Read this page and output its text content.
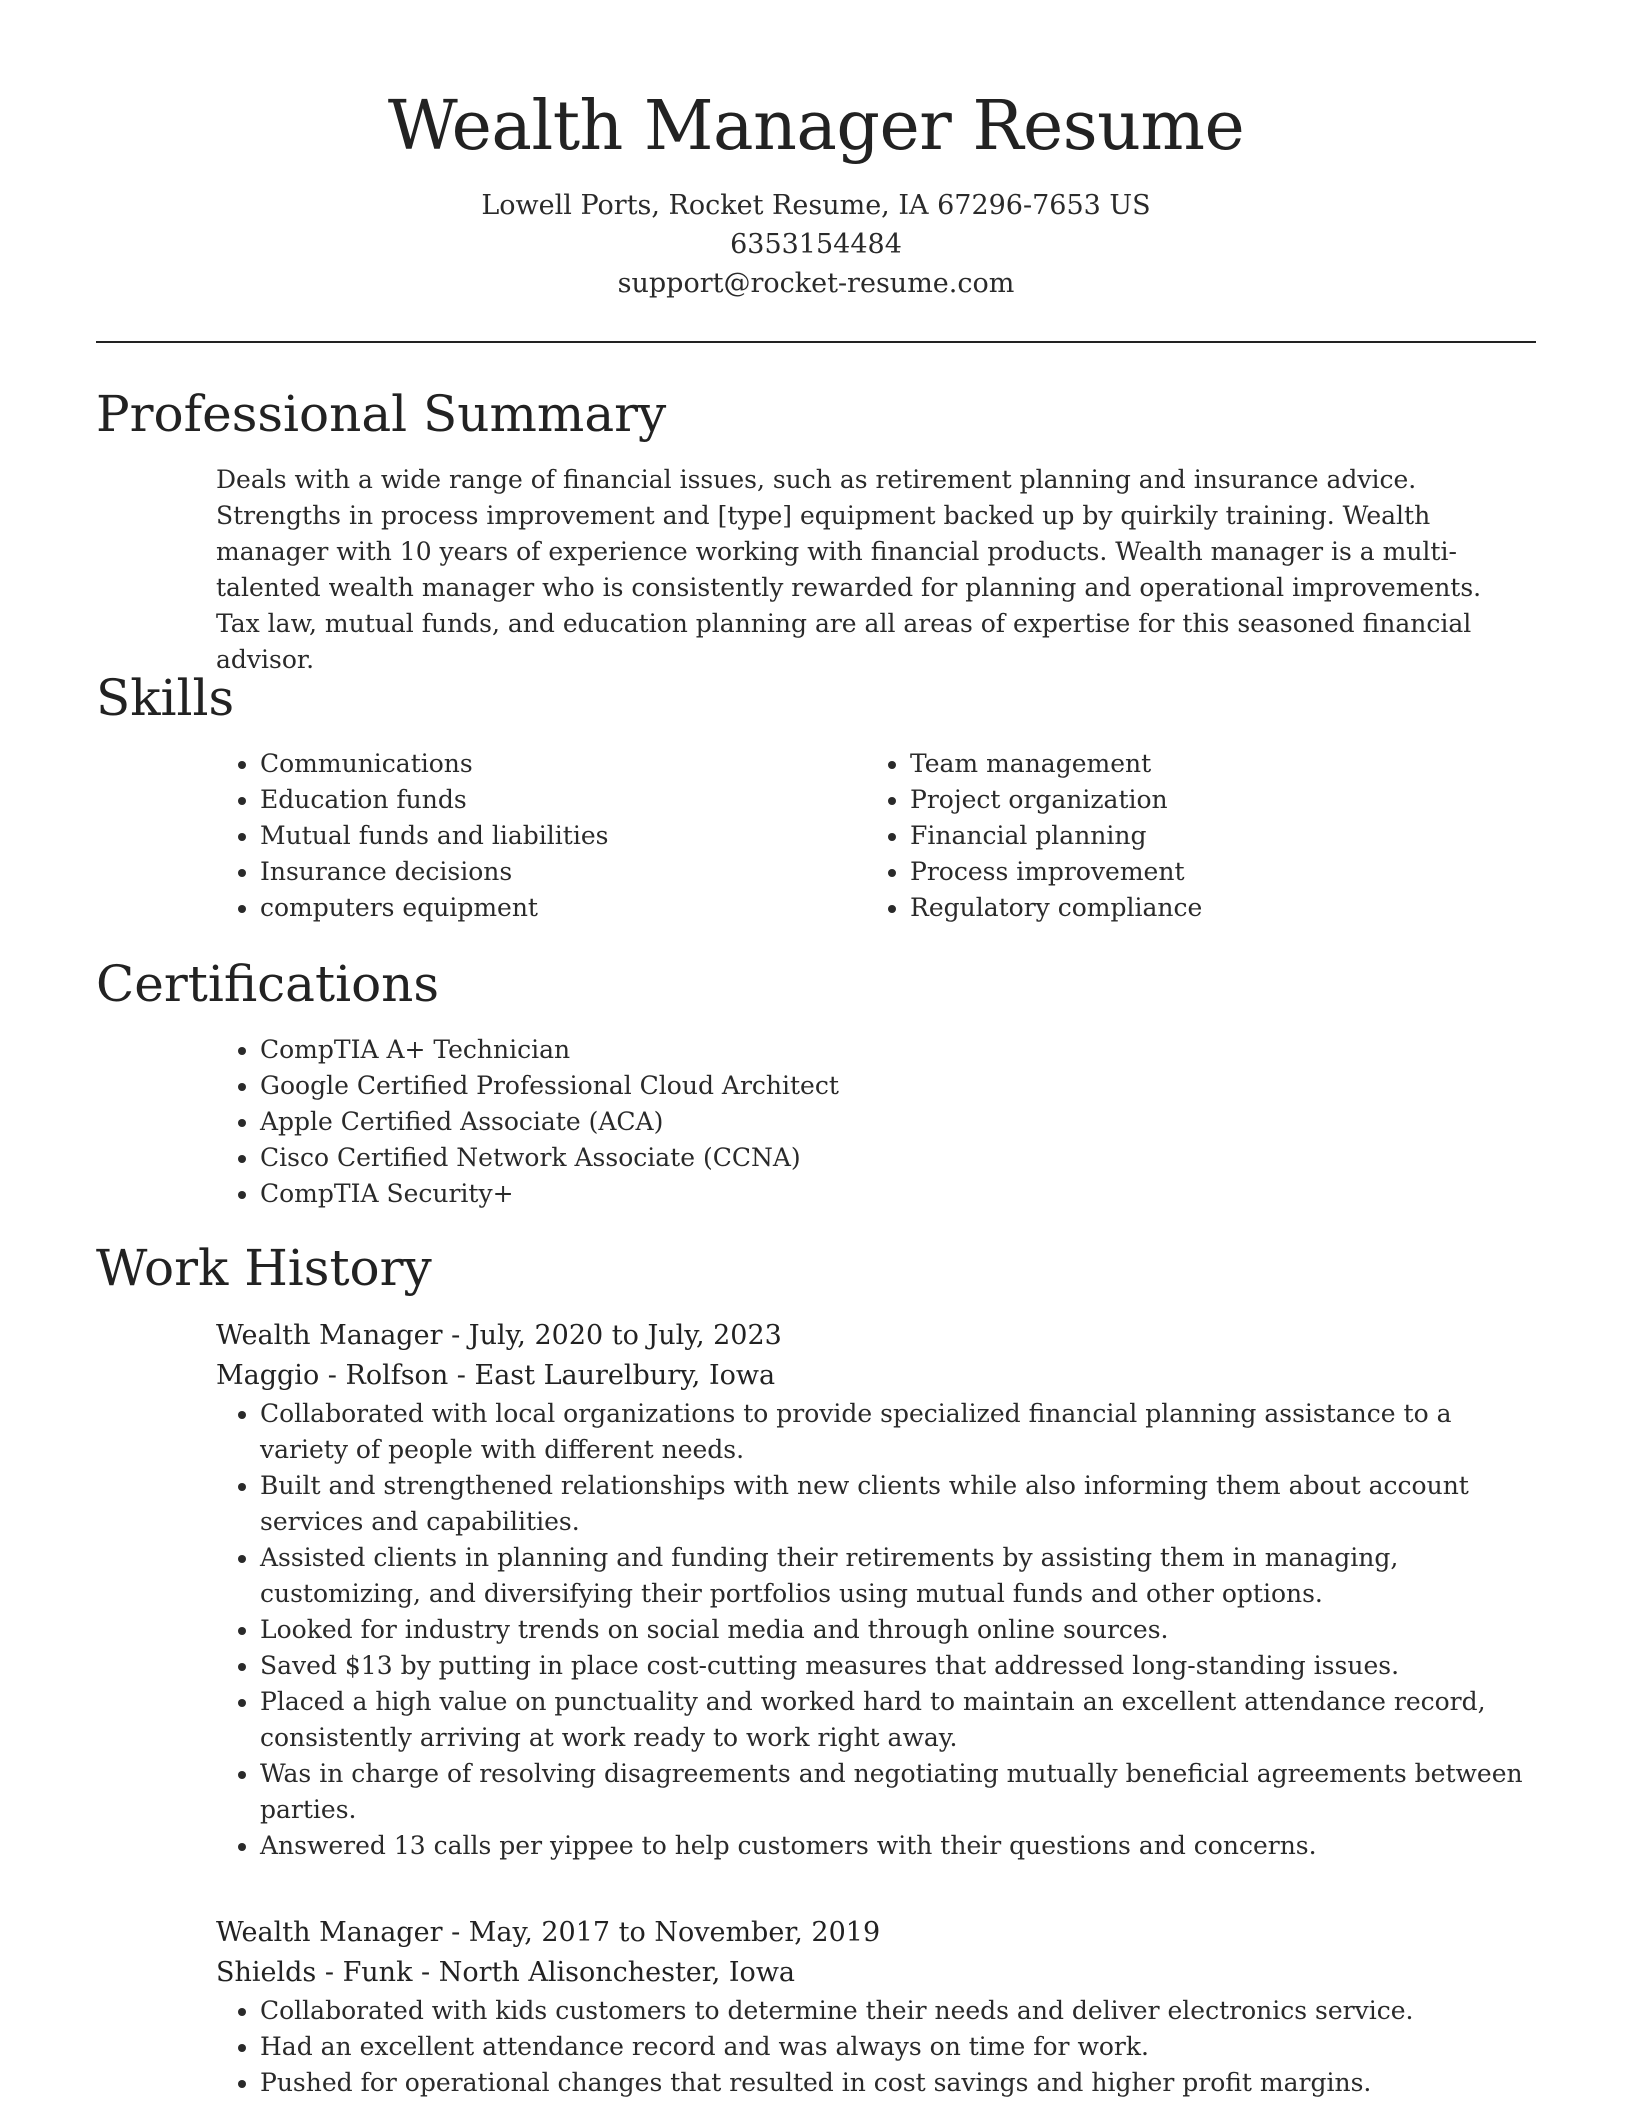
Wealth Manager Resume
Lowell Ports, Rocket Resume, IA 67296-7653 US
6353154484
support@rocket-resume.com
Professional Summary

Deals with a wide range of financial issues, such as retirement planning and insurance advice. Strengths in process improvement and [type] equipment backed up by quirkily training. Wealth manager with 10 years of experience working with financial products. Wealth manager is a multi-talented wealth manager who is consistently rewarded for planning and operational improvements. Tax law, mutual funds, and education planning are all areas of expertise for this seasoned financial advisor.

Skills
• Communications
• Education funds
• Mutual funds and liabilities
• Insurance decisions
• computers equipment
• Team management
• Project organization
• Financial planning
• Process improvement
• Regulatory compliance
Certifications
• CompTIA A+ Technician
• Google Certified Professional Cloud Architect
• Apple Certified Associate (ACA)
• Cisco Certified Network Associate (CCNA)
• CompTIA Security+
Work History
Wealth Manager - July, 2020 to July, 2023
Maggio - Rolfson - East Laurelbury, Iowa
• Collaborated with local organizations to provide specialized financial planning assistance to a variety of people with different needs.
• Built and strengthened relationships with new clients while also informing them about account services and capabilities.
• Assisted clients in planning and funding their retirements by assisting them in managing, customizing, and diversifying their portfolios using mutual funds and other options.
• Looked for industry trends on social media and through online sources.
• Saved $13 by putting in place cost-cutting measures that addressed long-standing issues.
• Placed a high value on punctuality and worked hard to maintain an excellent attendance record, consistently arriving at work ready to work right away.
• Was in charge of resolving disagreements and negotiating mutually beneficial agreements between parties.
• Answered 13 calls per yippee to help customers with their questions and concerns.
Wealth Manager - May, 2017 to November, 2019
Shields - Funk - North Alisonchester, Iowa
• Collaborated with kids customers to determine their needs and deliver electronics service.
• Had an excellent attendance record and was always on time for work.
• Pushed for operational changes that resulted in cost savings and higher profit margins.
